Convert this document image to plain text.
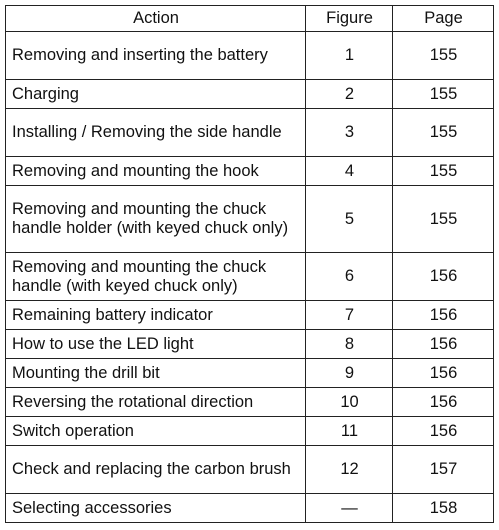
Action	Figure	Page
Removing and inserting the battery	1	155
Charging	2	155
Installing / Removing the side handle	3	155
Removing and mounting the hook	4	155
Removing and mounting the chuck handle holder (with keyed chuck only)	5	155
Removing and mounting the chuck handle (with keyed chuck only)	6	156
Remaining battery indicator	7	156
How to use the LED light	8	156
Mounting the drill bit	9	156
Reversing the rotational direction	10	156
Switch operation	11	156
Check and replacing the carbon brush	12	157
Selecting accessories	—	158
